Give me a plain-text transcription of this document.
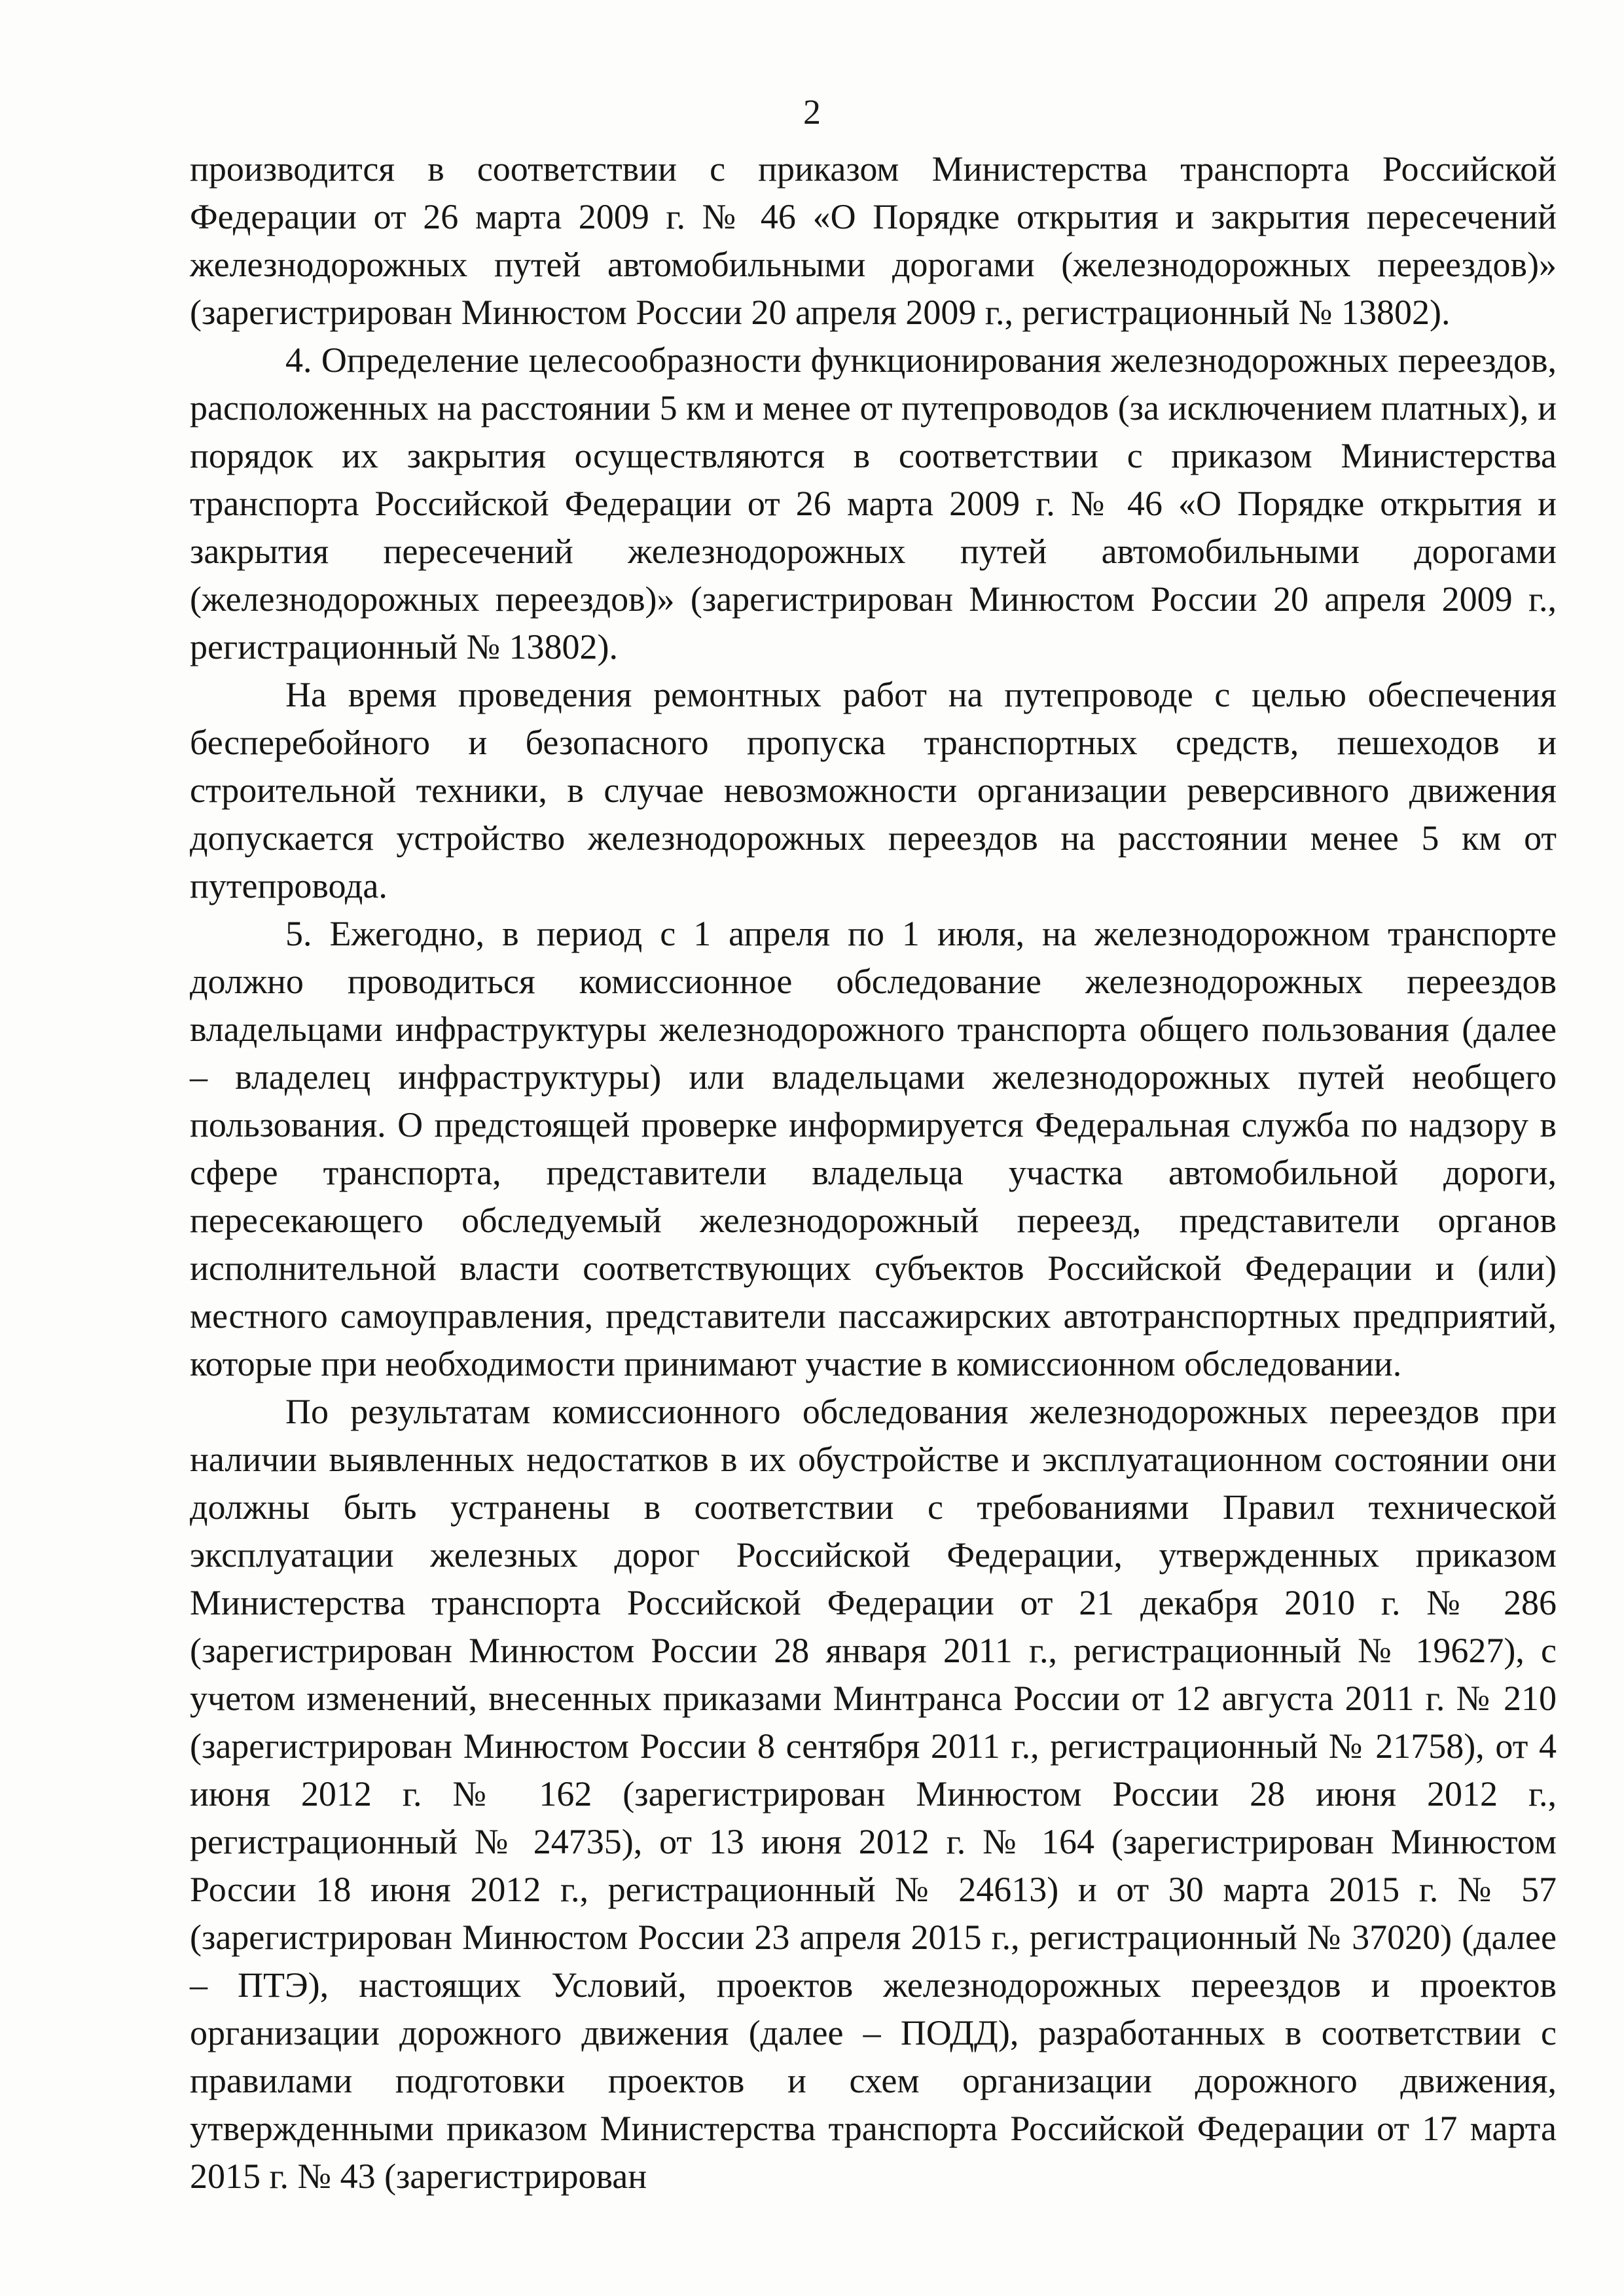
2

производится в соответствии с приказом Министерства транспорта Российской Федерации от 26 марта 2009 г. № 46 «О Порядке открытия и закрытия пересечений железнодорожных путей автомобильными дорогами (железнодорожных переездов)» (зарегистрирован Минюстом России 20 апреля 2009 г., регистрационный № 13802).

4. Определение целесообразности функционирования железнодорожных переездов, расположенных на расстоянии 5 км и менее от путепроводов (за исключением платных), и порядок их закрытия осуществляются в соответствии с приказом Министерства транспорта Российской Федерации от 26 марта 2009 г. № 46 «О Порядке открытия и закрытия пересечений железнодорожных путей автомобильными дорогами (железнодорожных переездов)» (зарегистрирован Минюстом России 20 апреля 2009 г., регистрационный № 13802).

На время проведения ремонтных работ на путепроводе с целью обеспечения бесперебойного и безопасного пропуска транспортных средств, пешеходов и строительной техники, в случае невозможности организации реверсивного движения допускается устройство железнодорожных переездов на расстоянии менее 5 км от путепровода.

5. Ежегодно, в период с 1 апреля по 1 июля, на железнодорожном транспорте должно проводиться комиссионное обследование железнодорожных переездов владельцами инфраструктуры железнодорожного транспорта общего пользования (далее – владелец инфраструктуры) или владельцами железнодорожных путей необщего пользования. О предстоящей проверке информируется Федеральная служба по надзору в сфере транспорта, представители владельца участка автомобильной дороги, пересекающего обследуемый железнодорожный переезд, представители органов исполнительной власти соответствующих субъектов Российской Федерации и (или) местного самоуправления, представители пассажирских автотранспортных предприятий, которые при необходимости принимают участие в комиссионном обследовании.

По результатам комиссионного обследования железнодорожных переездов при наличии выявленных недостатков в их обустройстве и эксплуатационном состоянии они должны быть устранены в соответствии с требованиями Правил технической эксплуатации железных дорог Российской Федерации, утвержденных приказом Министерства транспорта Российской Федерации от 21 декабря 2010 г. № 286 (зарегистрирован Минюстом России 28 января 2011 г., регистрационный № 19627), с учетом изменений, внесенных приказами Минтранса России от 12 августа 2011 г. № 210 (зарегистрирован Минюстом России 8 сентября 2011 г., регистрационный № 21758), от 4 июня 2012 г. № 162 (зарегистрирован Минюстом России 28 июня 2012 г., регистрационный № 24735), от 13 июня 2012 г. № 164 (зарегистрирован Минюстом России 18 июня 2012 г., регистрационный № 24613) и от 30 марта 2015 г. № 57 (зарегистрирован Минюстом России 23 апреля 2015 г., регистрационный № 37020) (далее – ПТЭ), настоящих Условий, проектов железнодорожных переездов и проектов организации дорожного движения (далее – ПОДД), разработанных в соответствии с правилами подготовки проектов и схем организации дорожного движения, утвержденными приказом Министерства транспорта Российской Федерации от 17 марта 2015 г. № 43 (зарегистрирован
